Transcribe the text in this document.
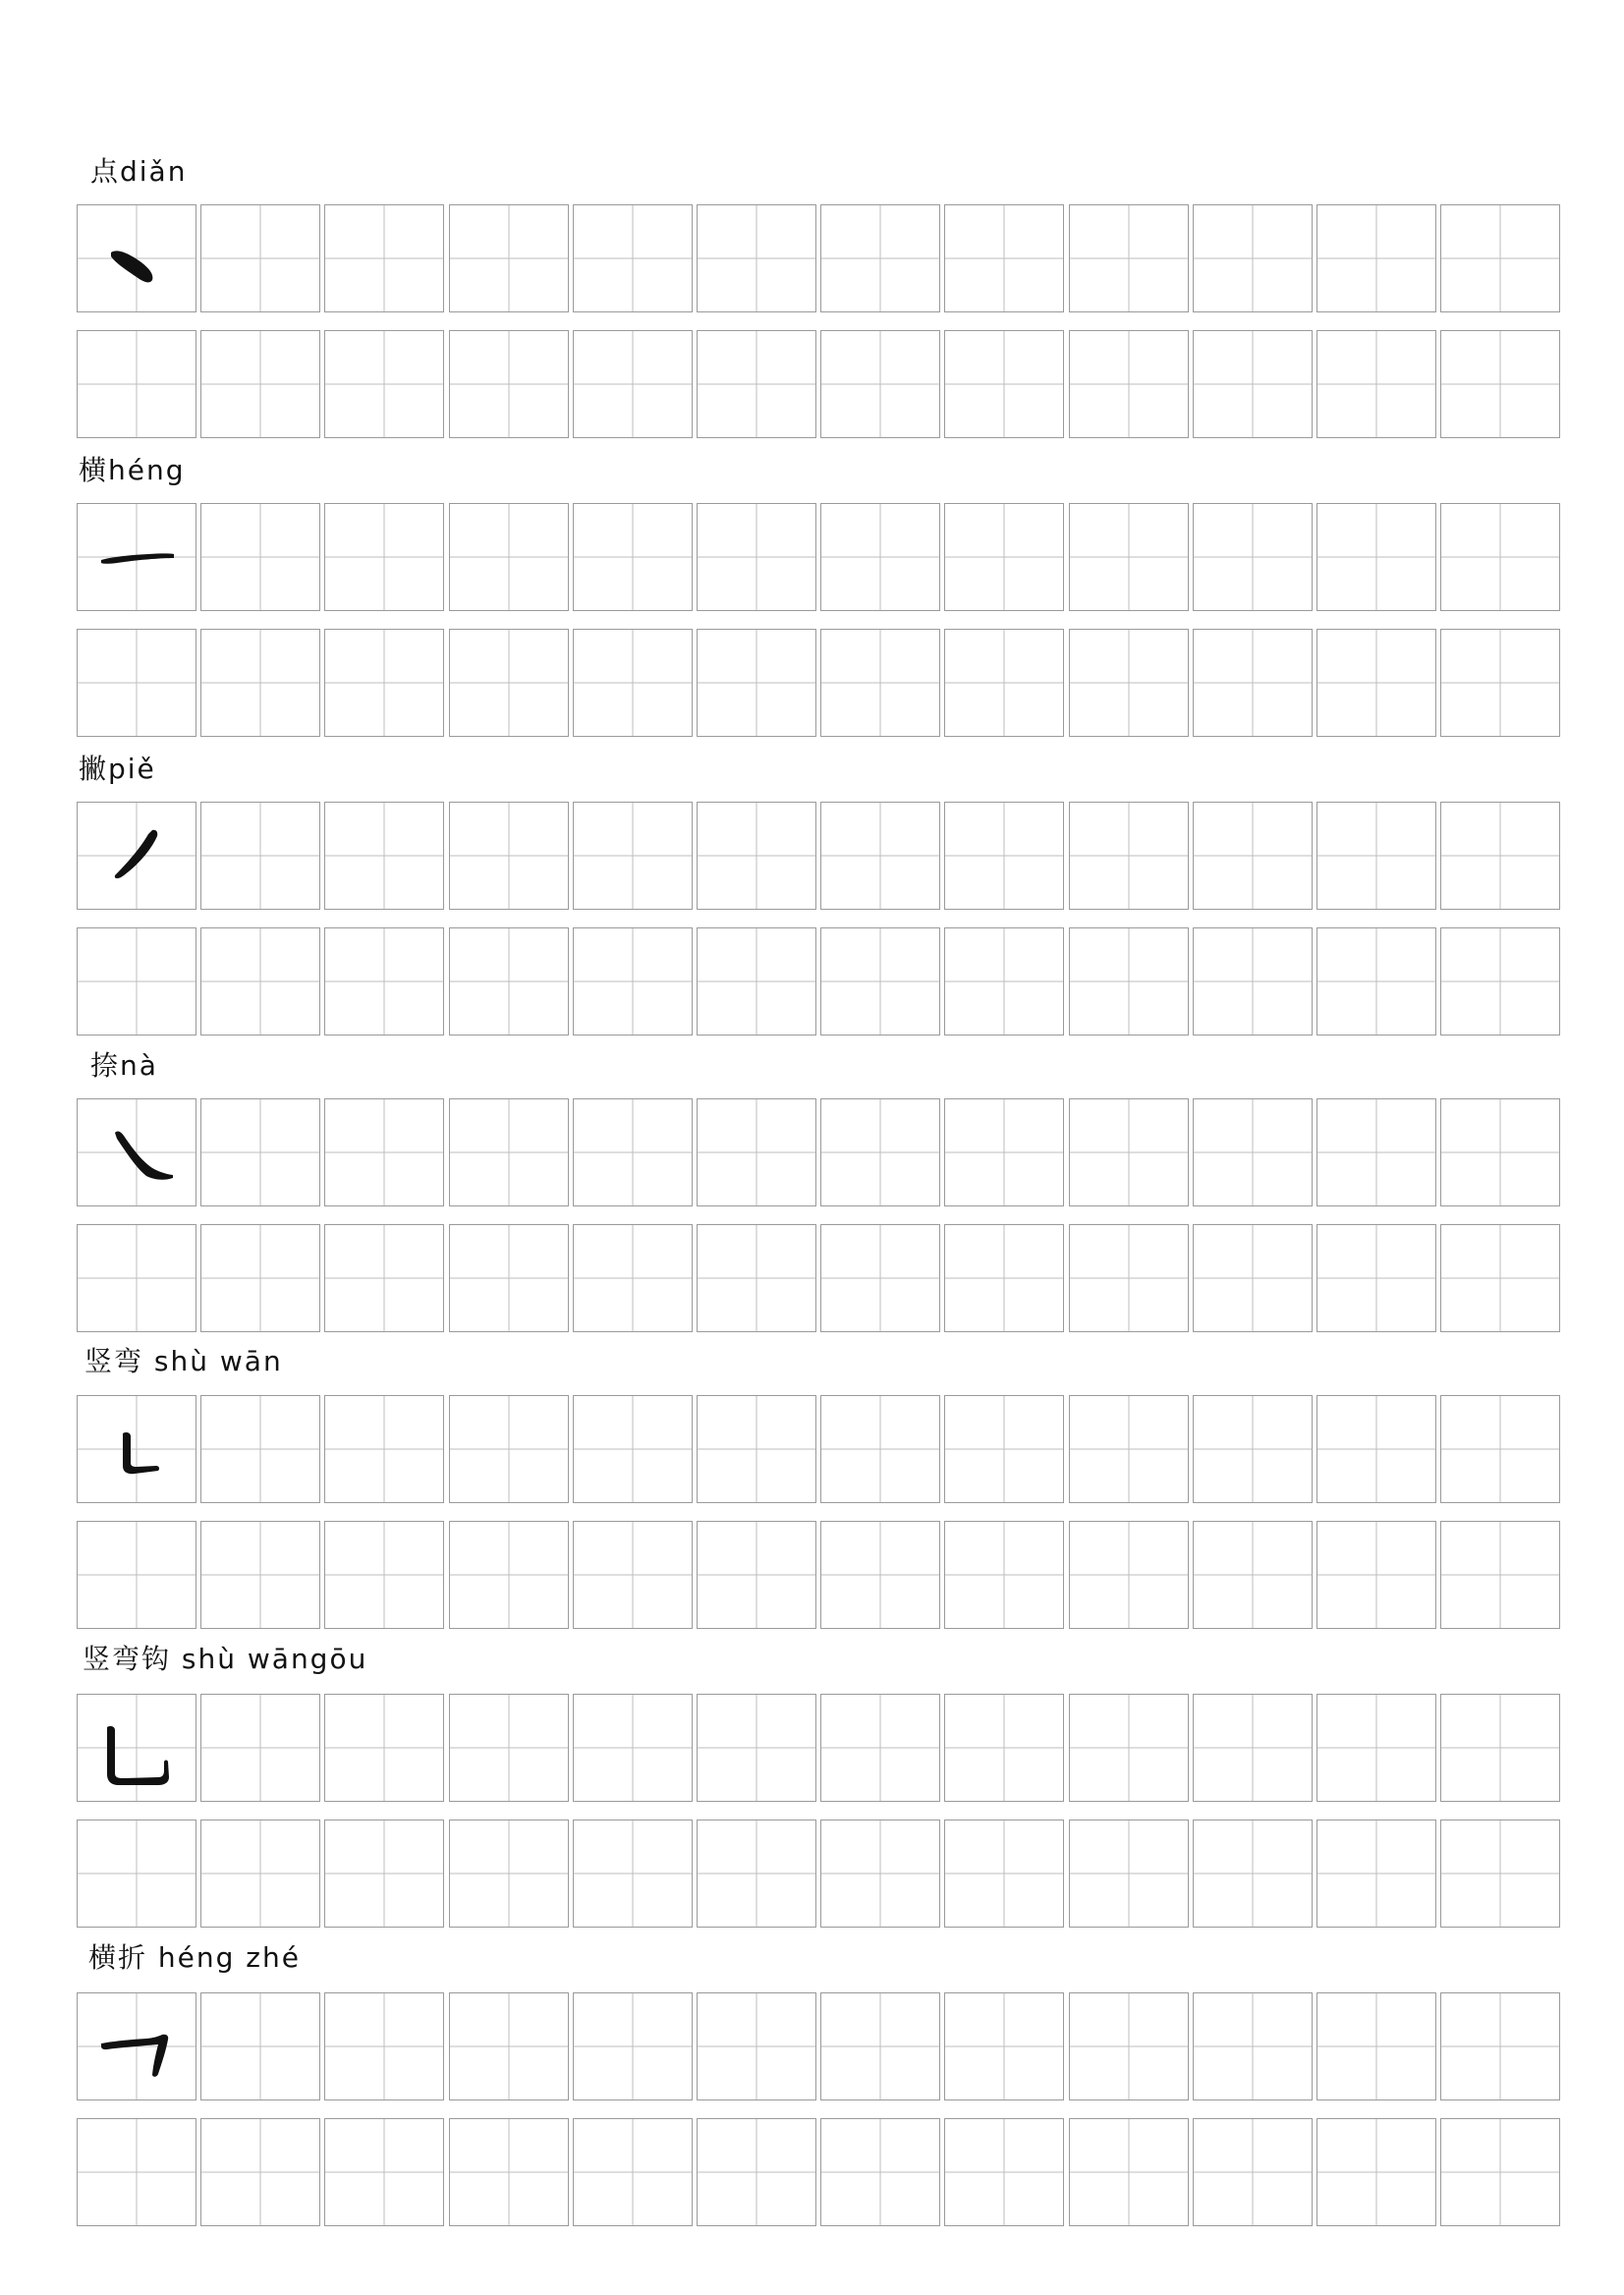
点diǎn
横héng
撇piě
捺nà
竖弯 shù wān
竖弯钩 shù wāngōu
横折 héng zhé
